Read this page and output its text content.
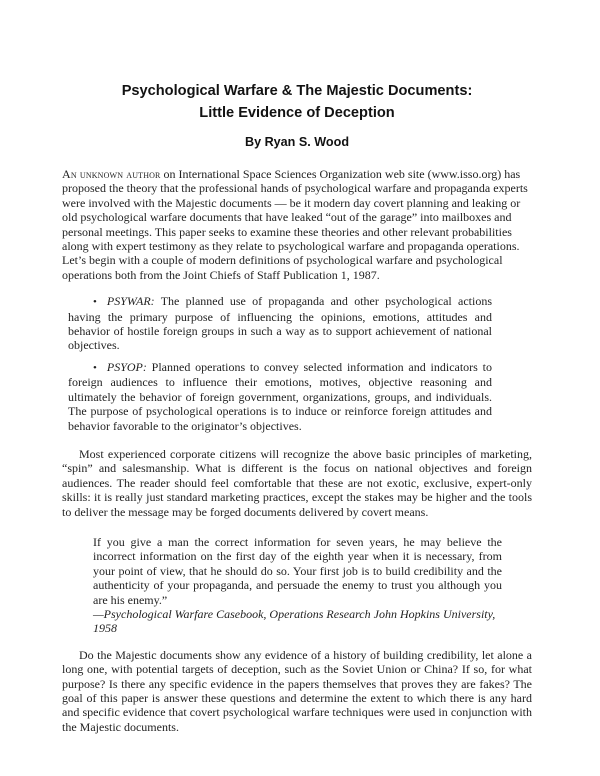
Psychological Warfare & The Majestic Documents:
Little Evidence of Deception
By Ryan S. Wood

An unknown author on International Space Sciences Organization web site (www.isso.org) has proposed the theory that the professional hands of psychological warfare and propaganda experts were involved with the Majestic documents — be it modern day covert planning and leaking or old psychological warfare documents that have leaked “out of the garage” into mailboxes and personal meetings. This paper seeks to examine these theories and other relevant probabilities along with expert testimony as they relate to psychological warfare and propaganda operations. Let’s begin with a couple of modern definitions of psychological warfare and psychological operations both from the Joint Chiefs of Staff Publication 1, 1987.

• PSYWAR: The planned use of propaganda and other psychological actions having the primary purpose of influencing the opinions, emotions, attitudes and behavior of hostile foreign groups in such a way as to support achievement of national objectives.

• PSYOP: Planned operations to convey selected information and indicators to foreign audiences to influence their emotions, motives, objective reasoning and ultimately the behavior of foreign government, organizations, groups, and individuals. The purpose of psychological operations is to induce or reinforce foreign attitudes and behavior favorable to the originator’s objectives.

Most experienced corporate citizens will recognize the above basic principles of marketing, “spin” and salesmanship. What is different is the focus on national objectives and foreign audiences. The reader should feel comfortable that these are not exotic, exclusive, expert-only skills: it is really just standard marketing practices, except the stakes may be higher and the tools to deliver the message may be forged documents delivered by covert means.

If you give a man the correct information for seven years, he may believe the incorrect information on the first day of the eighth year when it is necessary, from your point of view, that he should do so. Your first job is to build credibility and the authenticity of your propaganda, and persuade the enemy to trust you although you are his enemy.”
—Psychological Warfare Casebook, Operations Research John Hopkins University, 1958

Do the Majestic documents show any evidence of a history of building credibility, let alone a long one, with potential targets of deception, such as the Soviet Union or China? If so, for what purpose? Is there any specific evidence in the papers themselves that proves they are fakes? The goal of this paper is answer these questions and determine the extent to which there is any hard and specific evidence that covert psychological warfare techniques were used in conjunction with the Majestic documents.
